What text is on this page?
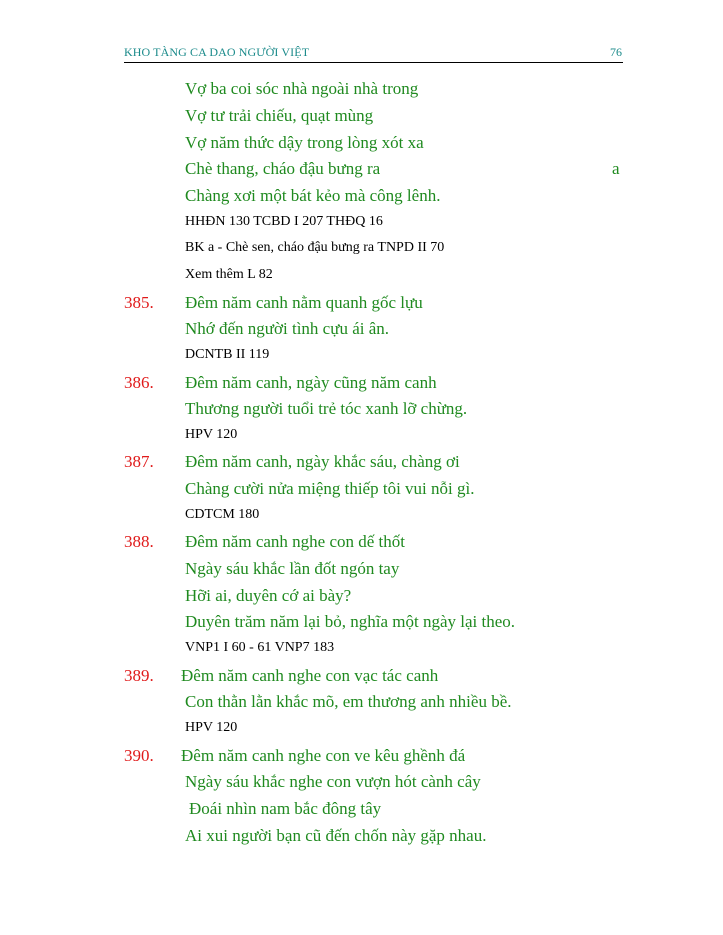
KHO TÀNG CA DAO NGƯỜI VIỆT	76
Vợ ba coi sóc nhà ngoài nhà trong
Vợ tư trải chiếu, quạt mùng
Vợ năm thức dậy trong lòng xót xa
Chè thang, cháo đậu bưng ra	a
Chàng xơi một bát kẻo mà công lênh.
HHĐN 130 TCBD I 207 THĐQ 16
BK a - Chè sen, cháo đậu bưng ra TNPD II 70
Xem thêm L 82
385. Đêm năm canh nằm quanh gốc lựu
Nhớ đến người tình cựu ái ân.
DCNTB II 119
386. Đêm năm canh, ngày cũng năm canh
Thương người tuổi trẻ tóc xanh lỡ chừng.
HPV 120
387. Đêm năm canh, ngày khắc sáu, chàng ơi
Chàng cười nửa miệng thiếp tôi vui nỗi gì.
CDTCM 180
388. Đêm năm canh nghe con dế thốt
Ngày sáu khắc lần đốt ngón tay
Hỡi ai, duyên cớ ai bày?
Duyên trăm năm lại bỏ, nghĩa một ngày lại theo.
VNP1 I 60 - 61 VNP7 183
389. Đêm năm canh nghe con vạc tác canh
Con thằn lằn khắc mõ, em thương anh nhiều bề.
HPV 120
390. Đêm năm canh nghe con ve kêu ghềnh đá
Ngày sáu khắc nghe con vượn hót cành cây
Đoái nhìn nam bắc đông tây
Ai xui người bạn cũ đến chốn này gặp nhau.
